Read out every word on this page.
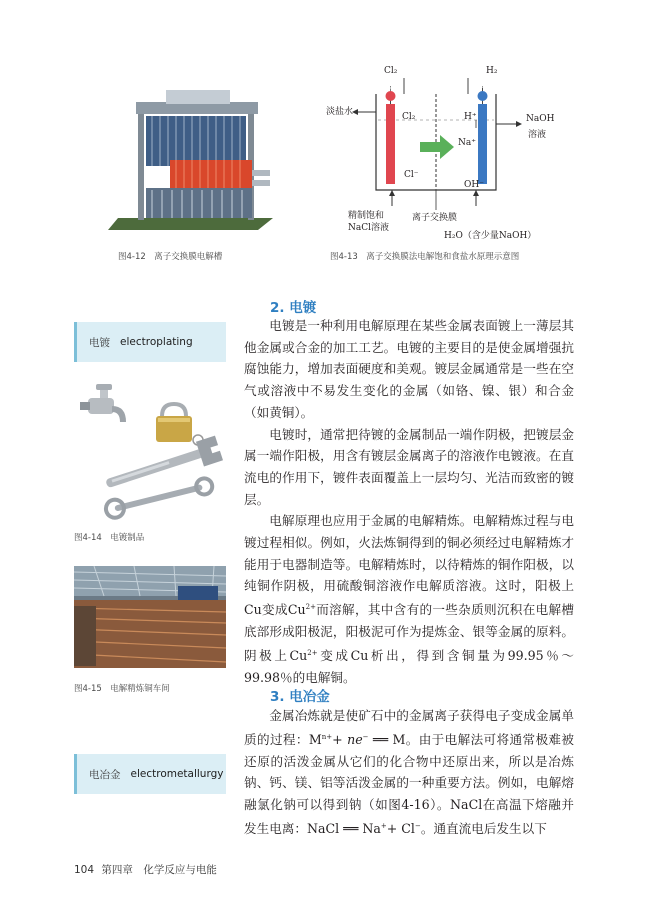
图4-12　离子交换膜电解槽
+	−
Cl₂	H₂
淡盐水	Cl₂	H⁺
Na⁺
NaOH
溶液
Cl⁻
OH⁻
精制饱和
NaCl溶液
离子交换膜
H₂O（含少量NaOH）
图4-13　离子交换膜法电解饱和食盐水原理示意图
电镀 electroplating
图4-14　电镀制品
图4-15　电解精炼铜车间
电冶金 electrometallurgy
2. 电镀

电镀是一种利用电解原理在某些金属表面镀上一薄层其他金属或合金的加工工艺。电镀的主要目的是使金属增强抗腐蚀能力，增加表面硬度和美观。镀层金属通常是一些在空气或溶液中不易发生变化的金属（如铬、镍、银）和合金（如黄铜）。

电镀时，通常把待镀的金属制品一端作阴极，把镀层金属一端作阳极，用含有镀层金属离子的溶液作电镀液。在直流电的作用下，镀件表面覆盖上一层均匀、光洁而致密的镀层。

电解原理也应用于金属的电解精炼。电解精炼过程与电镀过程相似。例如，火法炼铜得到的铜必须经过电解精炼才能用于电器制造等。电解精炼时，以待精炼的铜作阳极，以纯铜作阴极，用硫酸铜溶液作电解质溶液。这时，阳极上Cu变成$Cu^{2+}$而溶解，其中含有的一些杂质则沉积在电解槽底部形成阳极泥，阳极泥可作为提炼金、银等金属的原料。阴极上$Cu^{2+}$变成Cu析出，得到含铜量为99.95％～99.98％的电解铜。

3. 电冶金

金属冶炼就是使矿石中的金属离子获得电子变成金属单质的过程：$M^{n+}+ ne^-$ ══ M。由于电解法可将通常极难被还原的活泼金属从它们的化合物中还原出来，所以是冶炼钠、钙、镁、铝等活泼金属的一种重要方法。例如，电解熔融氯化钠可以得到钠（如图4-16）。NaCl在高温下熔融并发生电离：NaCl ══ Na++ Cl−。通直流电后发生以下

104 第四章　化学反应与电能
